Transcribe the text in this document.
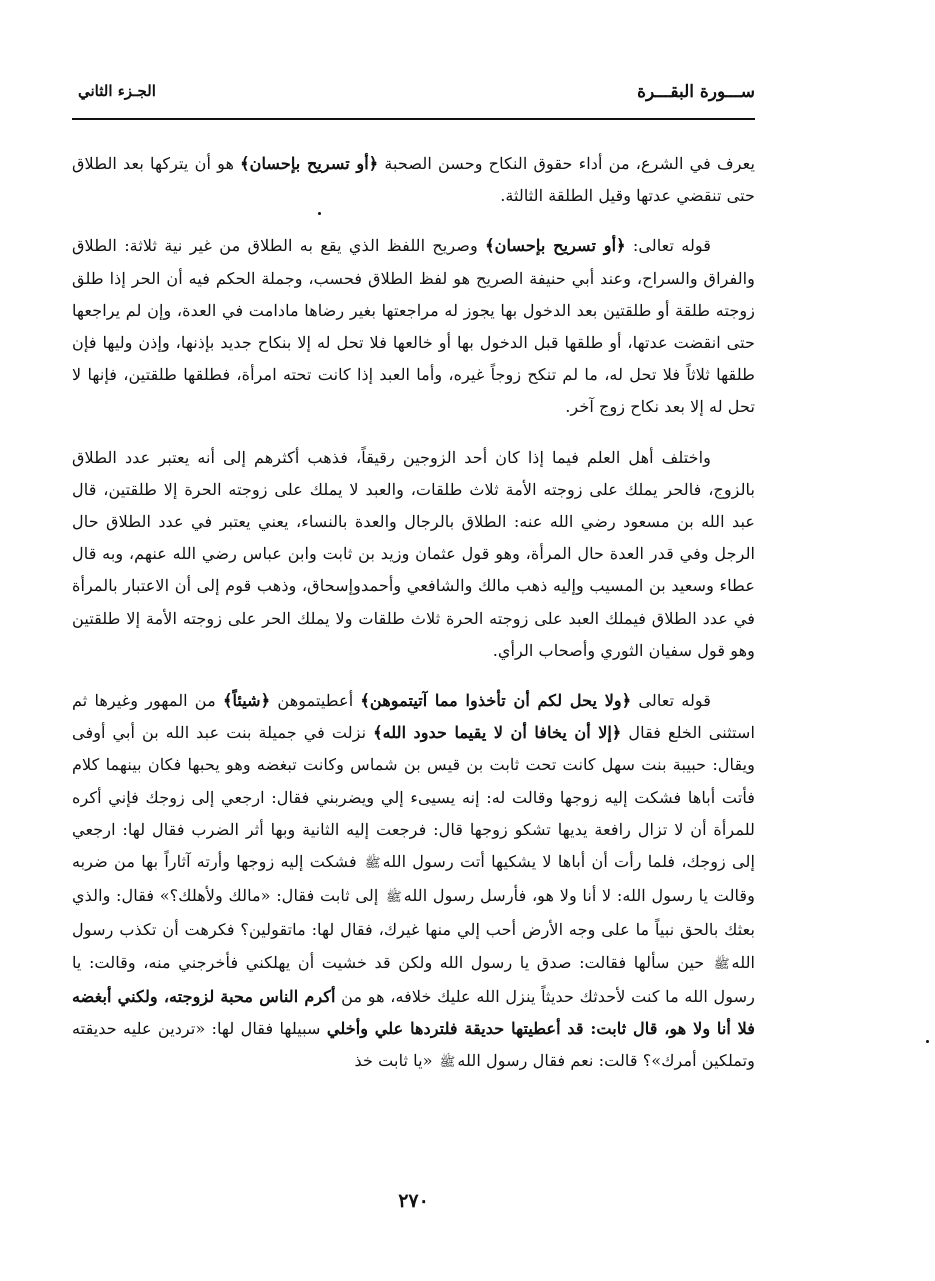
ســـورة البقـــرة
الجـزء الثاني

يعرف في الشرع، من أداء حقوق النكاح وحسن الصحبة ﴿أو تسريح بإحسان﴾ هو أن يتركها بعد الطلاق حتى تنقضي عدتها وقيل الطلقة الثالثة.

قوله تعالى: ﴿أو تسريح بإحسان﴾ وصريح اللفظ الذي يقع به الطلاق من غير نية ثلاثة: الطلاق والفراق والسراح، وعند أبي حنيفة الصريح هو لفظ الطلاق فحسب، وجملة الحكم فيه أن الحر إذا طلق زوجته طلقة أو طلقتين بعد الدخول بها يجوز له مراجعتها بغير رضاها مادامت في العدة، وإن لم يراجعها حتى انقضت عدتها، أو طلقها قبل الدخول بها أو خالعها فلا تحل له إلا بنكاح جديد بإذنها، وإذن وليها فإن طلقها ثلاثاً فلا تحل له، ما لم تنكح زوجاً غيره، وأما العبد إذا كانت تحته امرأة، فطلقها طلقتين، فإنها لا تحل له إلا بعد نكاح زوج آخر.

واختلف أهل العلم فيما إذا كان أحد الزوجين رقيقاً، فذهب أكثرهم إلى أنه يعتبر عدد الطلاق بالزوج، فالحر يملك على زوجته الأمة ثلاث طلقات، والعبد لا يملك على زوجته الحرة إلا طلقتين، قال عبد الله بن مسعود رضي الله عنه: الطلاق بالرجال والعدة بالنساء، يعني يعتبر في عدد الطلاق حال الرجل وفي قدر العدة حال المرأة، وهو قول عثمان وزيد بن ثابت وابن عباس رضي الله عنهم، وبه قال عطاء وسعيد بن المسيب وإليه ذهب مالك والشافعي وأحمدوإسحاق، وذهب قوم إلى أن الاعتبار بالمرأة في عدد الطلاق فيملك العبد على زوجته الحرة ثلاث طلقات ولا يملك الحر على زوجته الأمة إلا طلقتين وهو قول سفيان الثوري وأصحاب الرأي.

قوله تعالى ﴿ولا يحل لكم أن تأخذوا مما آتيتموهن﴾ أعطيتموهن ﴿شيئاً﴾ من المهور وغيرها ثم استثنى الخلع فقال ﴿إلا أن يخافا أن لا يقيما حدود الله﴾ نزلت في جميلة بنت عبد الله بن أبي أوفى ويقال: حبيبة بنت سهل كانت تحت ثابت بن قيس بن شماس وكانت تبغضه وهو يحبها فكان بينهما كلام فأتت أباها فشكت إليه زوجها وقالت له: إنه يسيىء إلي ويضربني فقال: ارجعي إلى زوجك فإني أكره للمرأة أن لا تزال رافعة يديها تشكو زوجها قال: فرجعت إليه الثانية وبها أثر الضرب فقال لها: ارجعي إلى زوجك، فلما رأت أن أباها لا يشكيها أتت رسول اللهﷺ فشكت إليه زوجها وأرته آثاراً بها من ضربه وقالت يا رسول الله: لا أنا ولا هو، فأرسل رسول اللهﷺ إلى ثابت فقال: «مالك ولأهلك؟» فقال: والذي بعثك بالحق نبياً ما على وجه الأرض أحب إلي منها غيرك، فقال لها: ماتقولين؟ فكرهت أن تكذب رسول اللهﷺ حين سألها فقالت: صدق يا رسول الله ولكن قد خشيت أن يهلكني فأخرجني منه، وقالت: يا رسول الله ما كنت لأحدثك حديثاً ينزل الله عليك خلافه، هو من أكرم الناس محبة لزوجته، ولكني أبغضه فلا أنا ولا هو، قال ثابت: قد أعطيتها حديقة فلتردها علي وأخلي سبيلها فقال لها: «تردين عليه حديقته وتملكين أمرك»؟ قالت: نعم فقال رسول اللهﷺ «يا ثابت خذ

٢٧٠
